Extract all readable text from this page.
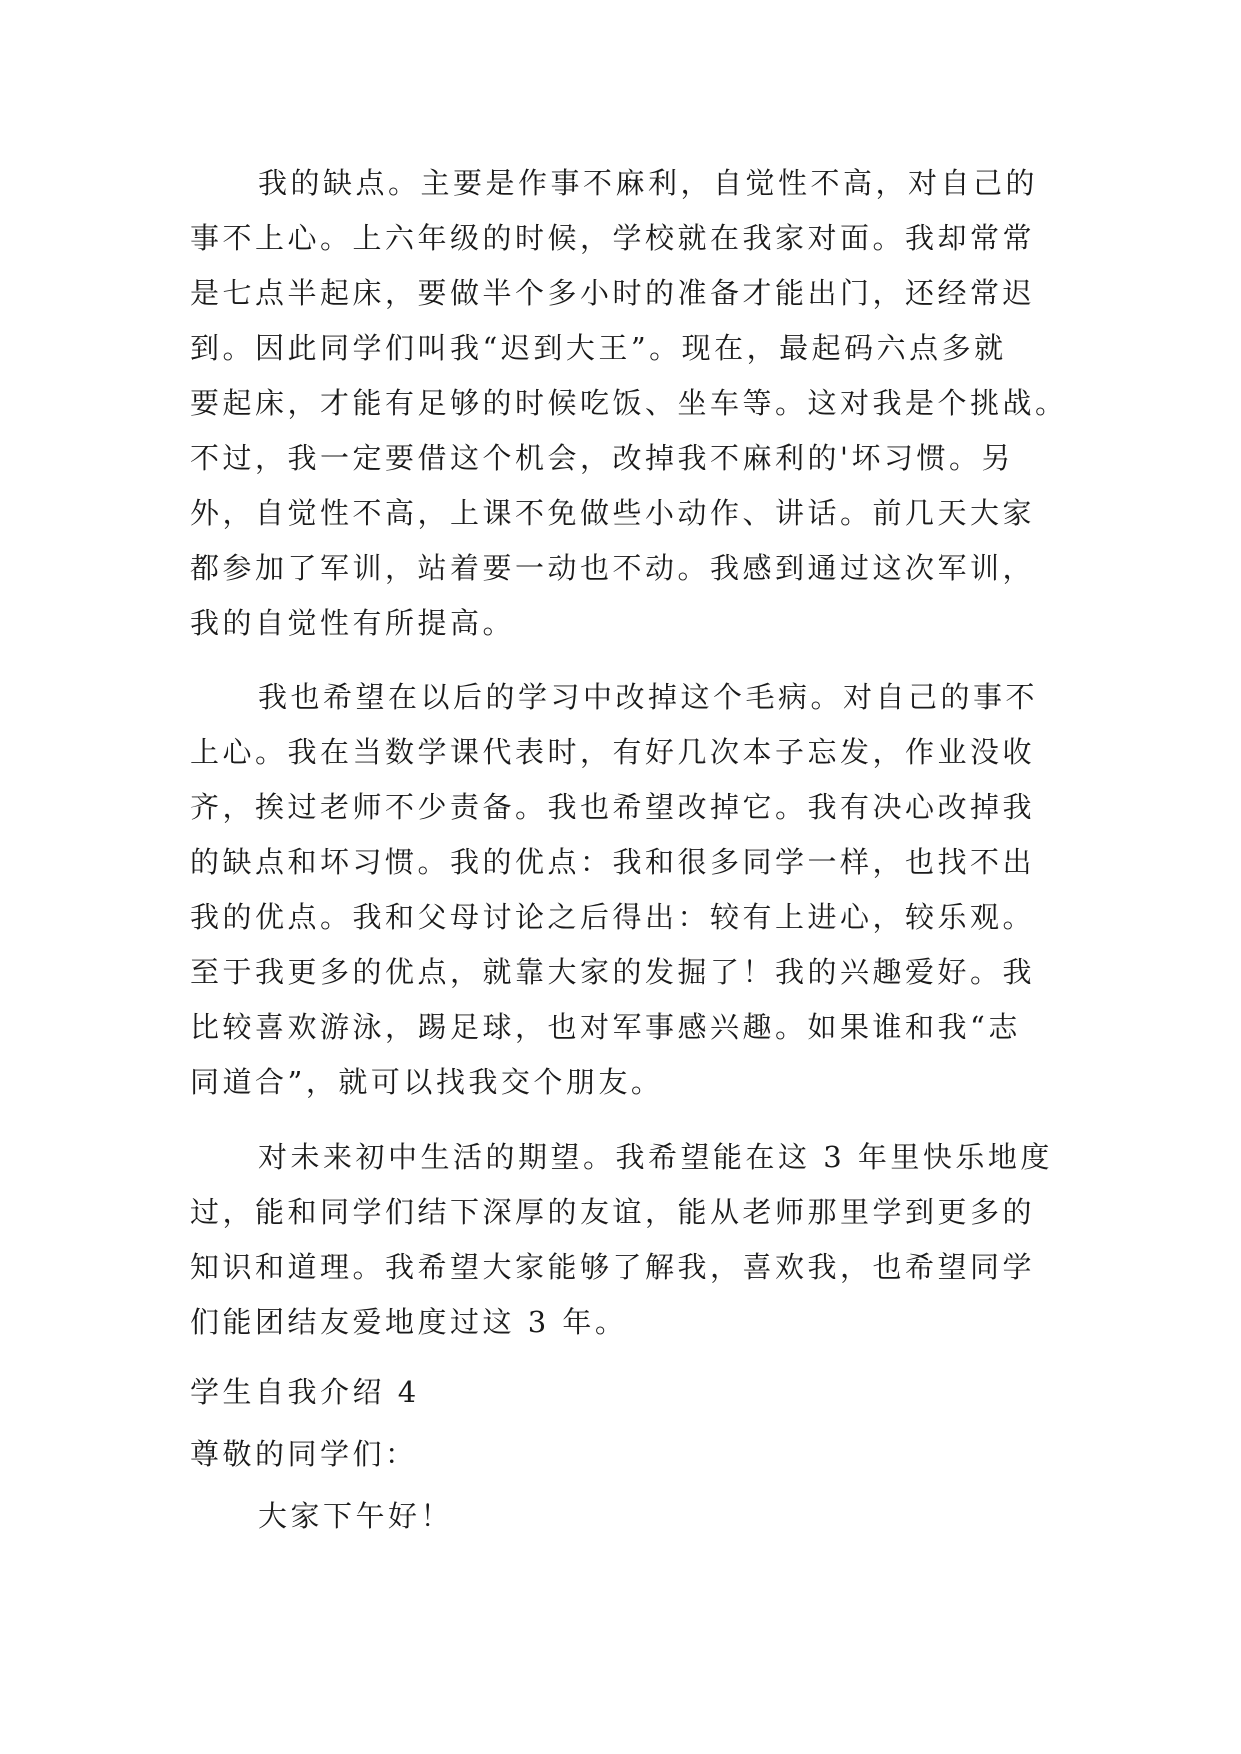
我的缺点。主要是作事不麻利，自觉性不高，对自己的
事不上心。上六年级的时候，学校就在我家对面。我却常常
是七点半起床，要做半个多小时的准备才能出门，还经常迟
到。因此同学们叫我“迟到大王”。现在，最起码六点多就
要起床，才能有足够的时候吃饭、坐车等。这对我是个挑战。
不过，我一定要借这个机会，改掉我不麻利的'坏习惯。另
外，自觉性不高，上课不免做些小动作、讲话。前几天大家
都参加了军训，站着要一动也不动。我感到通过这次军训，
我的自觉性有所提高。
我也希望在以后的学习中改掉这个毛病。对自己的事不
上心。我在当数学课代表时，有好几次本子忘发，作业没收
齐，挨过老师不少责备。我也希望改掉它。我有决心改掉我
的缺点和坏习惯。我的优点：我和很多同学一样，也找不出
我的优点。我和父母讨论之后得出：较有上进心，较乐观。
至于我更多的优点，就靠大家的发掘了！我的兴趣爱好。我
比较喜欢游泳，踢足球，也对军事感兴趣。如果谁和我“志
同道合”，就可以找我交个朋友。
对未来初中生活的期望。我希望能在这 3 年里快乐地度
过，能和同学们结下深厚的友谊，能从老师那里学到更多的
知识和道理。我希望大家能够了解我，喜欢我，也希望同学
们能团结友爱地度过这 3 年。
学生自我介绍 4
尊敬的同学们：
大家下午好！
